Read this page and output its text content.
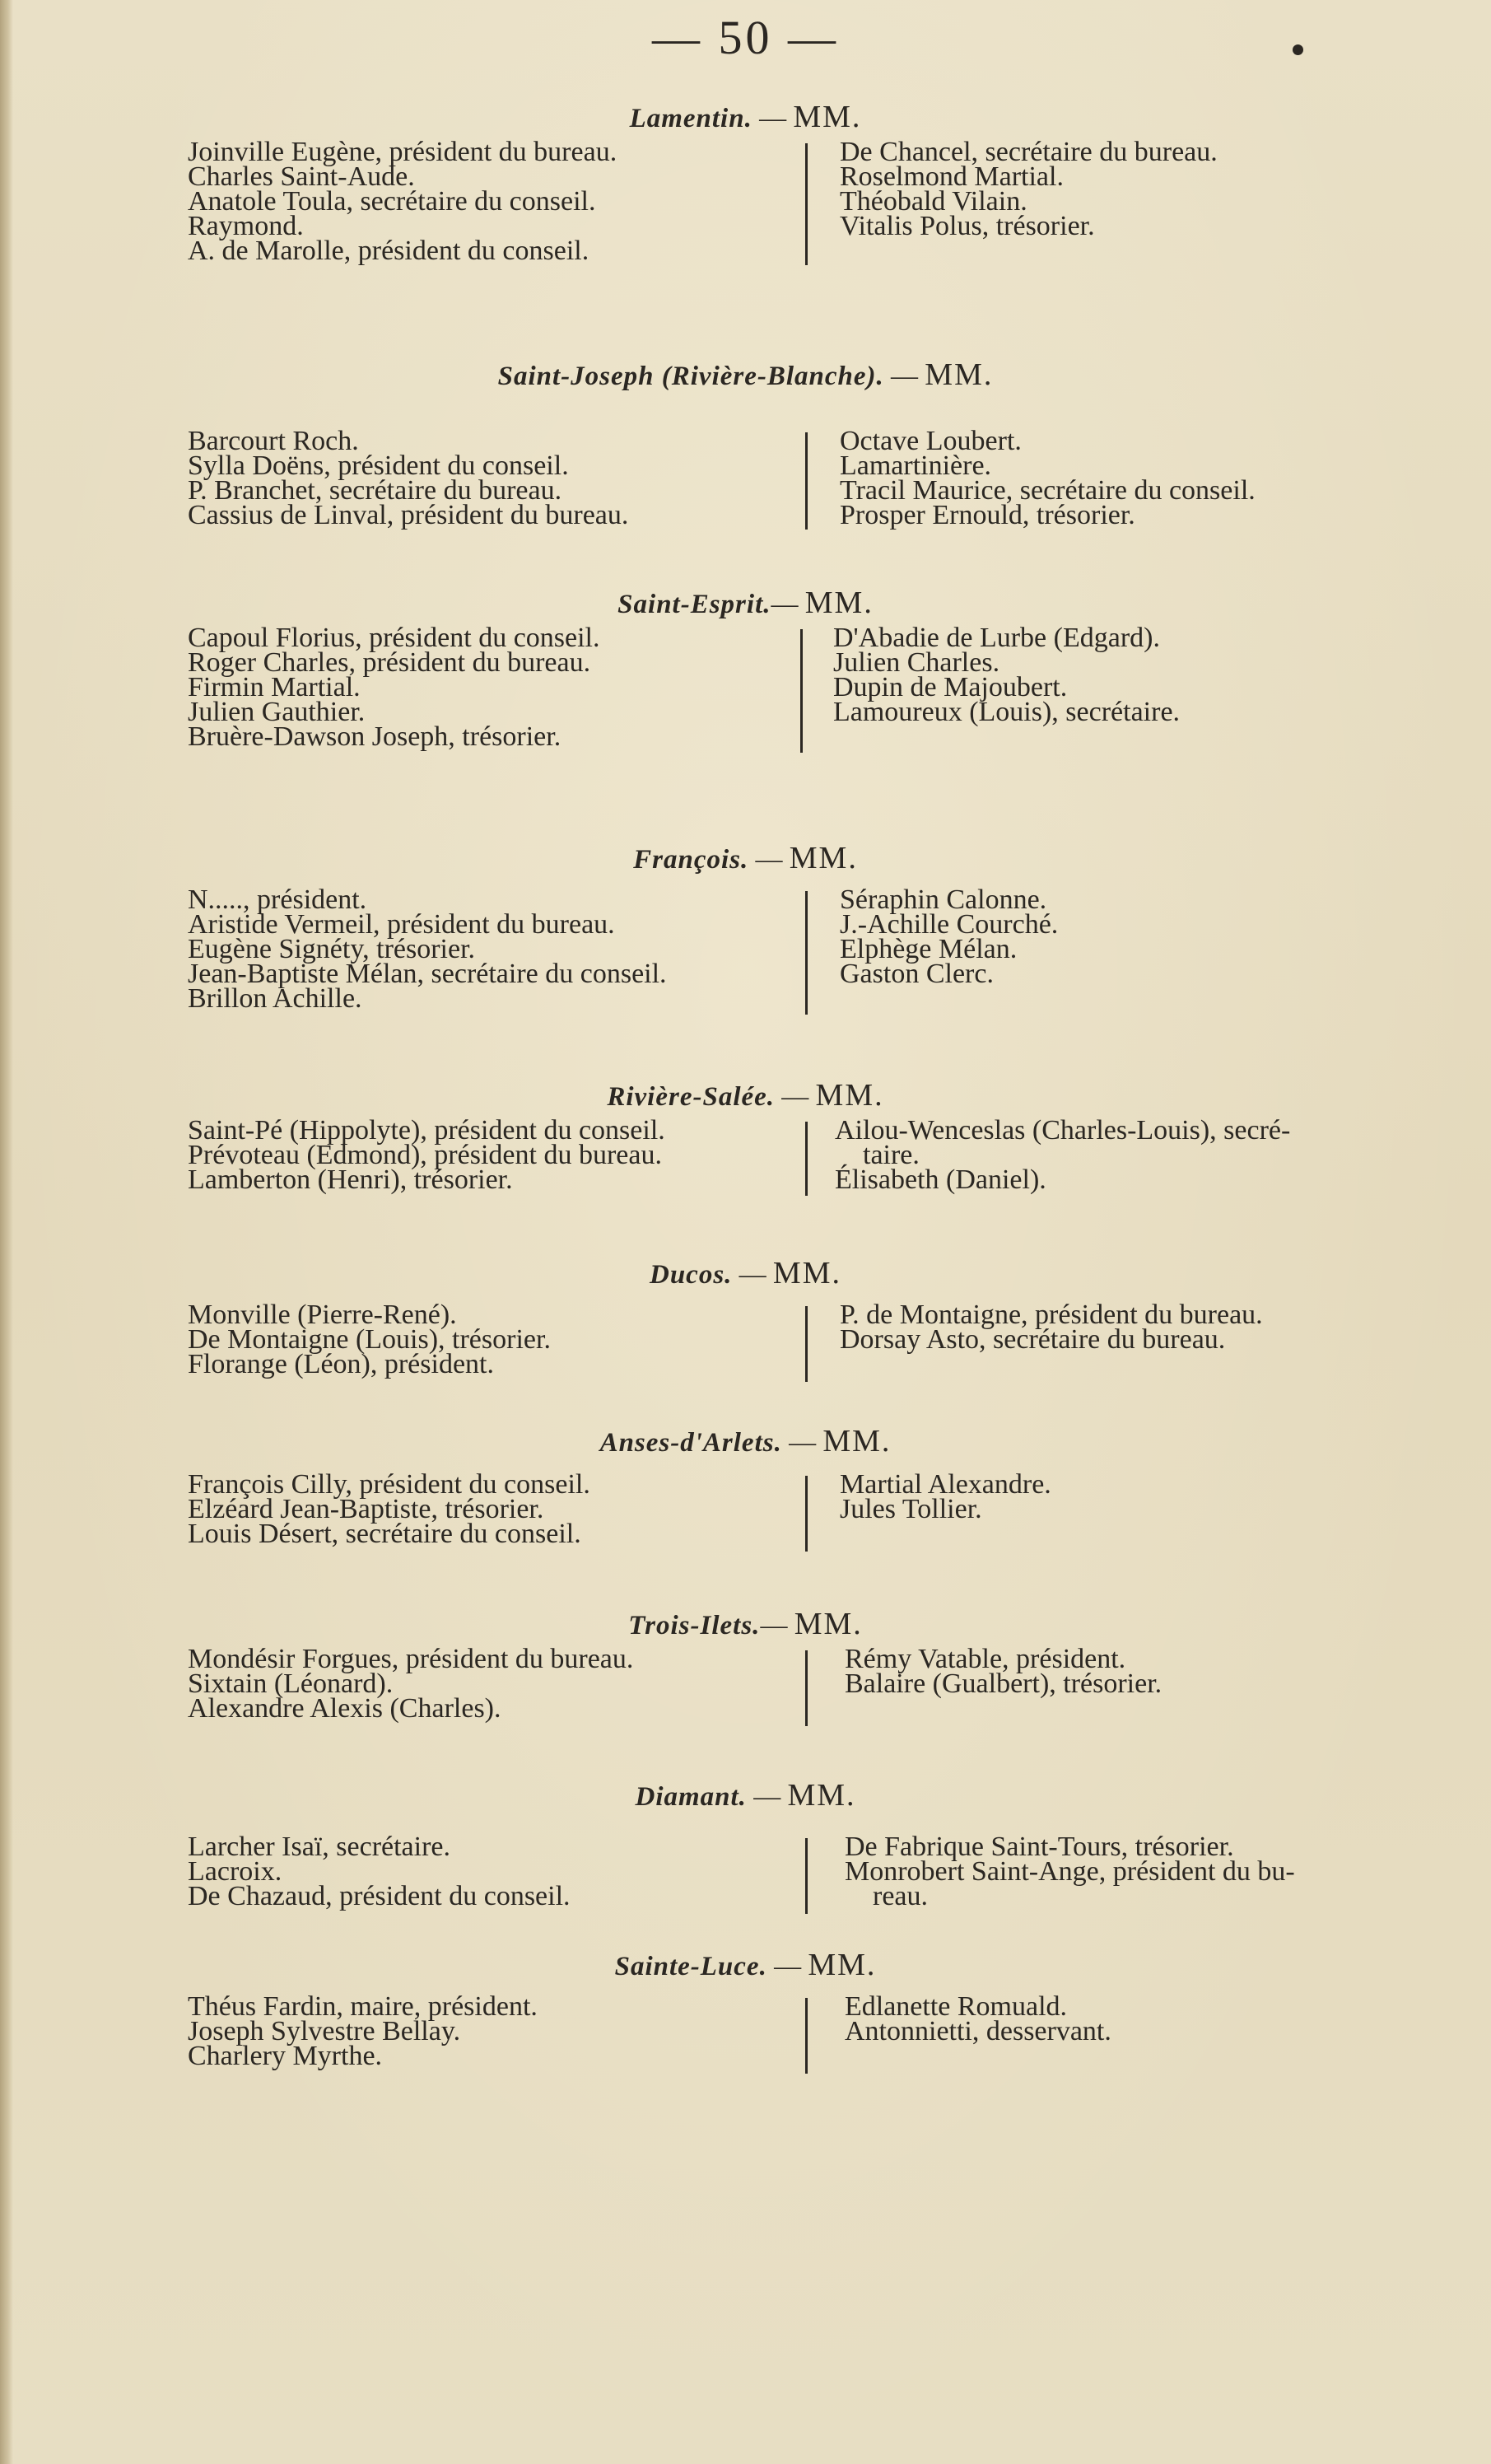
— 50 —
Lamentin. — MM.
Joinville Eugène, président du bureau.
Charles Saint-Aude.
Anatole Toula, secrétaire du conseil.
Raymond.
A. de Marolle, président du conseil.
De Chancel, secrétaire du bureau.
Roselmond Martial.
Théobald Vilain.
Vitalis Polus, trésorier.
Saint-Joseph (Rivière-Blanche). — MM.
Barcourt Roch.
Sylla Doëns, président du conseil.
P. Branchet, secrétaire du bureau.
Cassius de Linval, président du bureau.
Octave Loubert.
Lamartinière.
Tracil Maurice, secrétaire du conseil.
Prosper Ernould, trésorier.
Saint-Esprit.— MM.
Capoul Florius, président du conseil.
Roger Charles, président du bureau.
Firmin Martial.
Julien Gauthier.
Bruère-Dawson Joseph, trésorier.
D'Abadie de Lurbe (Edgard).
Julien Charles.
Dupin de Majoubert.
Lamoureux (Louis), secrétaire.
François. — MM.
N....., président.
Aristide Vermeil, président du bureau.
Eugène Signéty, trésorier.
Jean-Baptiste Mélan, secrétaire du conseil.
Brillon Achille.
Séraphin Calonne.
J.-Achille Courché.
Elphège Mélan.
Gaston Clerc.
Rivière-Salée. — MM.
Saint-Pé (Hippolyte), président du conseil.
Prévoteau (Edmond), président du bureau.
Lamberton (Henri), trésorier.
Ailou-Wenceslas (Charles-Louis), secré-
taire.
Élisabeth (Daniel).
Ducos. — MM.
Monville (Pierre-René).
De Montaigne (Louis), trésorier.
Florange (Léon), président.
P. de Montaigne, président du bureau.
Dorsay Asto, secrétaire du bureau.
Anses-d'Arlets. — MM.
François Cilly, président du conseil.
Elzéard Jean-Baptiste, trésorier.
Louis Désert, secrétaire du conseil.
Martial Alexandre.
Jules Tollier.
Trois-Ilets.— MM.
Mondésir Forgues, président du bureau.
Sixtain (Léonard).
Alexandre Alexis (Charles).
Rémy Vatable, président.
Balaire (Gualbert), trésorier.
Diamant. — MM.
Larcher Isaï, secrétaire.
Lacroix.
De Chazaud, président du conseil.
De Fabrique Saint-Tours, trésorier.
Monrobert Saint-Ange, président du bu-
reau.
Sainte-Luce. — MM.
Théus Fardin, maire, président.
Joseph Sylvestre Bellay.
Charlery Myrthe.
Edlanette Romuald.
Antonnietti, desservant.
